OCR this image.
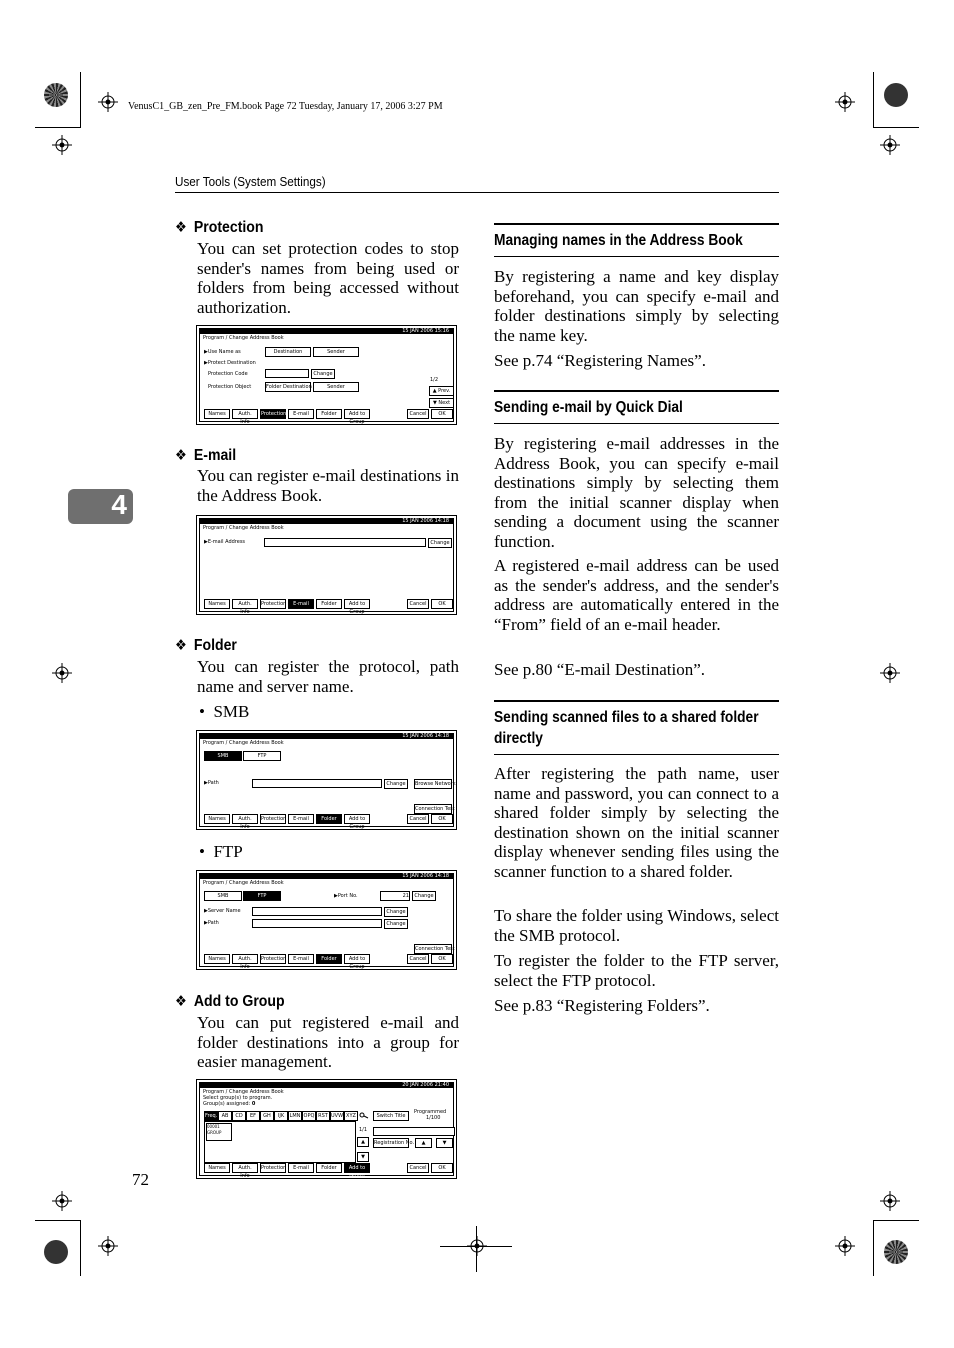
VenusC1_GB_zen_Pre_FM.book Page 72 Tuesday, January 17, 2006 3:27 PM
User Tools (System Settings)
4
72
❖ Protection
You can set protection codes to stop sender's names from being used or folders from being accessed without authorization.
15 JAN 2006 15:16
Program / Change Address Book
▶Use Name as	Destination	Sender
▶Protect Destination
Protection Code	Change
Protection Object	Folder Destination	Sender
1/2
▲ Prev.
▼ Next
Names	Auth. Info
Protection	E-mail	Folder	Add to Group
Cancel	OK
❖ E-mail
You can register e-mail destinations in the Address Book.
15 JAN 2006 14:18
Program / Change Address Book
▶E-mail Address	Change
Names	Auth. Info
Protection	E-mail	Folder	Add to Group
Cancel	OK
❖ Folder
You can register the protocol, path name and server name.
•  SMB
15 JAN 2006 14:18
Program / Change Address Book
SMB	FTP
▶Path	Change	Browse Network
Connection Test
Names	Auth. Info
Protection	E-mail	Folder	Add to Group
Cancel	OK
•  FTP
15 JAN 2006 14:18
Program / Change Address Book
SMB	FTP	▶Port No.	21	Change
▶Server Name	Change
▶Path	Change
Connection Test
Names	Auth. Info
Protection	E-mail	Folder	Add to Group
Cancel	OK
❖ Add to Group
You can put registered e-mail and folder destinations into a group for easier management.
20 JAN 2006 21:40
Program / Change Address Book
Select group(s) to program.
Group(s) assigned: 0
Freq. AB	CD	EF	GH	IJK	LMN OPQ RST UVW XYZ	Switch Title
Programmed
1/100
00001 GROUP	1/1
▲
▼
Registration No.	▲	▼
Names	Auth. Info
Protection	E-mail	Folder	Add to Group
Cancel	OK
Managing names in the Address Book
By registering a name and key display beforehand, you can specify e-mail and folder destinations simply by selecting the name key.
See p.74 “Registering Names”.
Sending e-mail by Quick Dial
By registering e-mail addresses in the Address Book, you can specify e-mail destinations simply by selecting them from the initial scanner display when sending a document using the scanner function.
A registered e-mail address can be used as the sender's address, and the sender's address are automatically entered in the “From” field of an e-mail header.
See p.80 “E-mail Destination”.
Sending scanned files to a shared folder
directly
After registering the path name, user name and password, you can connect to a shared folder simply by selecting the destination shown on the initial scanner display whenever sending files using the scanner function to a shared folder.
To share the folder using Windows, select the SMB protocol.
To register the folder to the FTP server, select the FTP protocol.
See p.83 “Registering Folders”.
